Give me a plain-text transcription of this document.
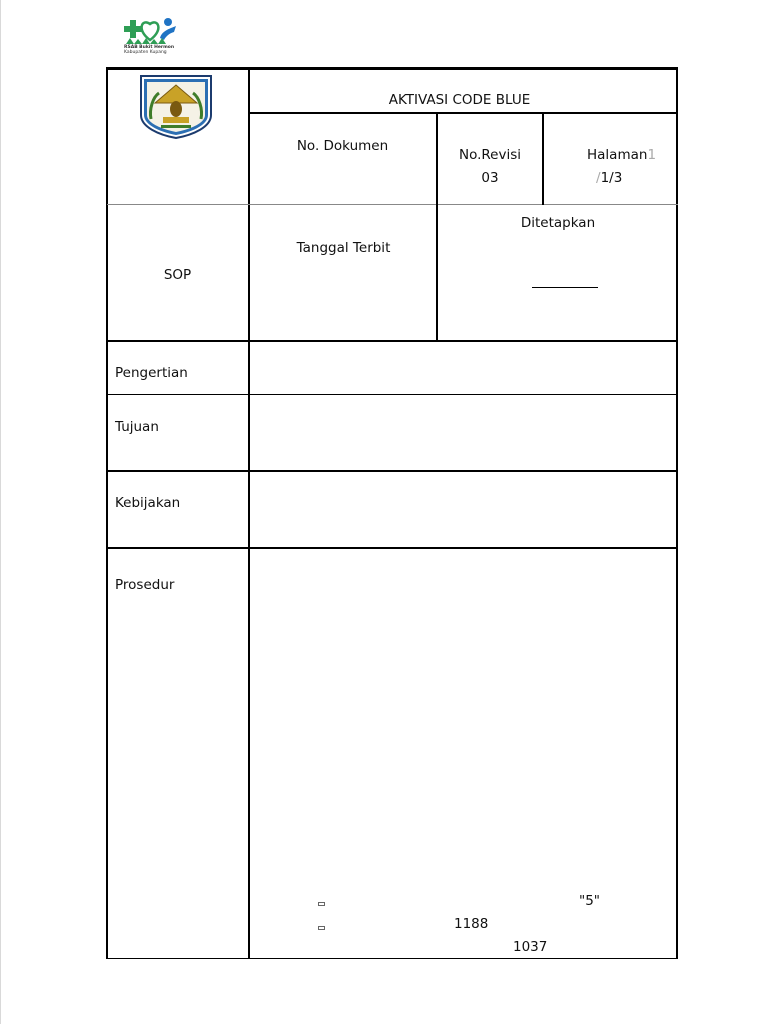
RSAB Bukit Hermon
Kabupaten Kupang
AKTIVASI CODE BLUE
No. Dokumen
No.Revisi
03
Halaman1
/1/3
SOP
Tanggal Terbit
Ditetapkan
Pengertian
Tujuan
Kebijakan
Prosedur
"5"
1188
1037
